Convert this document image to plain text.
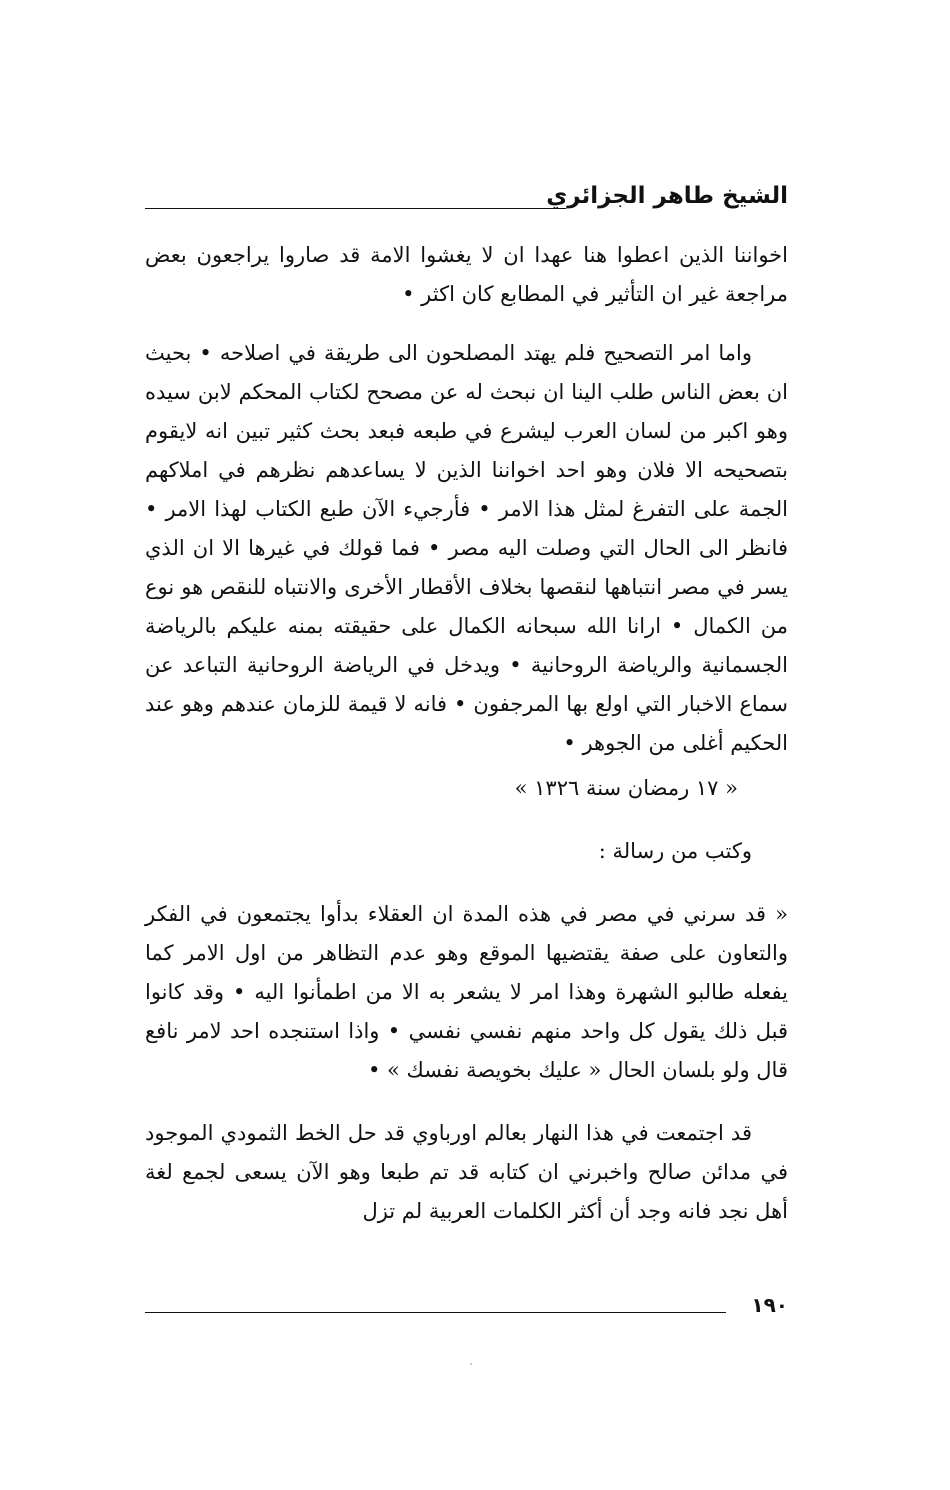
الشيخ طاهر الجزائري

اخواننا الذين اعطوا هنا عهدا ان لا يغشوا الامة قد صاروا يراجعون بعض مراجعة غير ان التأثير في المطابع كان اكثر •

واما امر التصحيح فلم يهتد المصلحون الى طريقة في اصلاحه • بحيث ان بعض الناس طلب الينا ان نبحث له عن مصحح لكتاب المحكم لابن سيده وهو اكبر من لسان العرب ليشرع في طبعه فبعد بحث كثير تبين انه لايقوم بتصحيحه الا فلان وهو احد اخواننا الذين لا يساعدهم نظرهم في املاكهم الجمة على التفرغ لمثل هذا الامر • فأرجيء الآن طبع الكتاب لهذا الامر • فانظر الى الحال التي وصلت اليه مصر • فما قولك في غيرها الا ان الذي يسر في مصر انتباهها لنقصها بخلاف الأقطار الأخرى والانتباه للنقص هو نوع من الكمال • ارانا الله سبحانه الكمال على حقيقته بمنه عليكم بالرياضة الجسمانية والرياضة الروحانية • ويدخل في الرياضة الروحانية التباعد عن سماع الاخبار التي اولع بها المرجفون • فانه لا قيمة للزمان عندهم وهو عند الحكيم أغلى من الجوهر •

« ١٧ رمضان سنة ١٣٢٦ »

وكتب من رسالة :

« قد سرني في مصر في هذه المدة ان العقلاء بدأوا يجتمعون في الفكر والتعاون على صفة يقتضيها الموقع وهو عدم التظاهر من اول الامر كما يفعله طالبو الشهرة وهذا امر لا يشعر به الا من اطمأنوا اليه • وقد كانوا قبل ذلك يقول كل واحد منهم نفسي نفسي • واذا استنجده احد لامر نافع قال ولو بلسان الحال « عليك بخويصة نفسك » •

قد اجتمعت في هذا النهار بعالم اورباوي قد حل الخط الثمودي الموجود في مدائن صالح واخبرني ان كتابه قد تم طبعا وهو الآن يسعى لجمع لغة أهل نجد فانه وجد أن أكثر الكلمات العربية لم تزل

١٩٠
